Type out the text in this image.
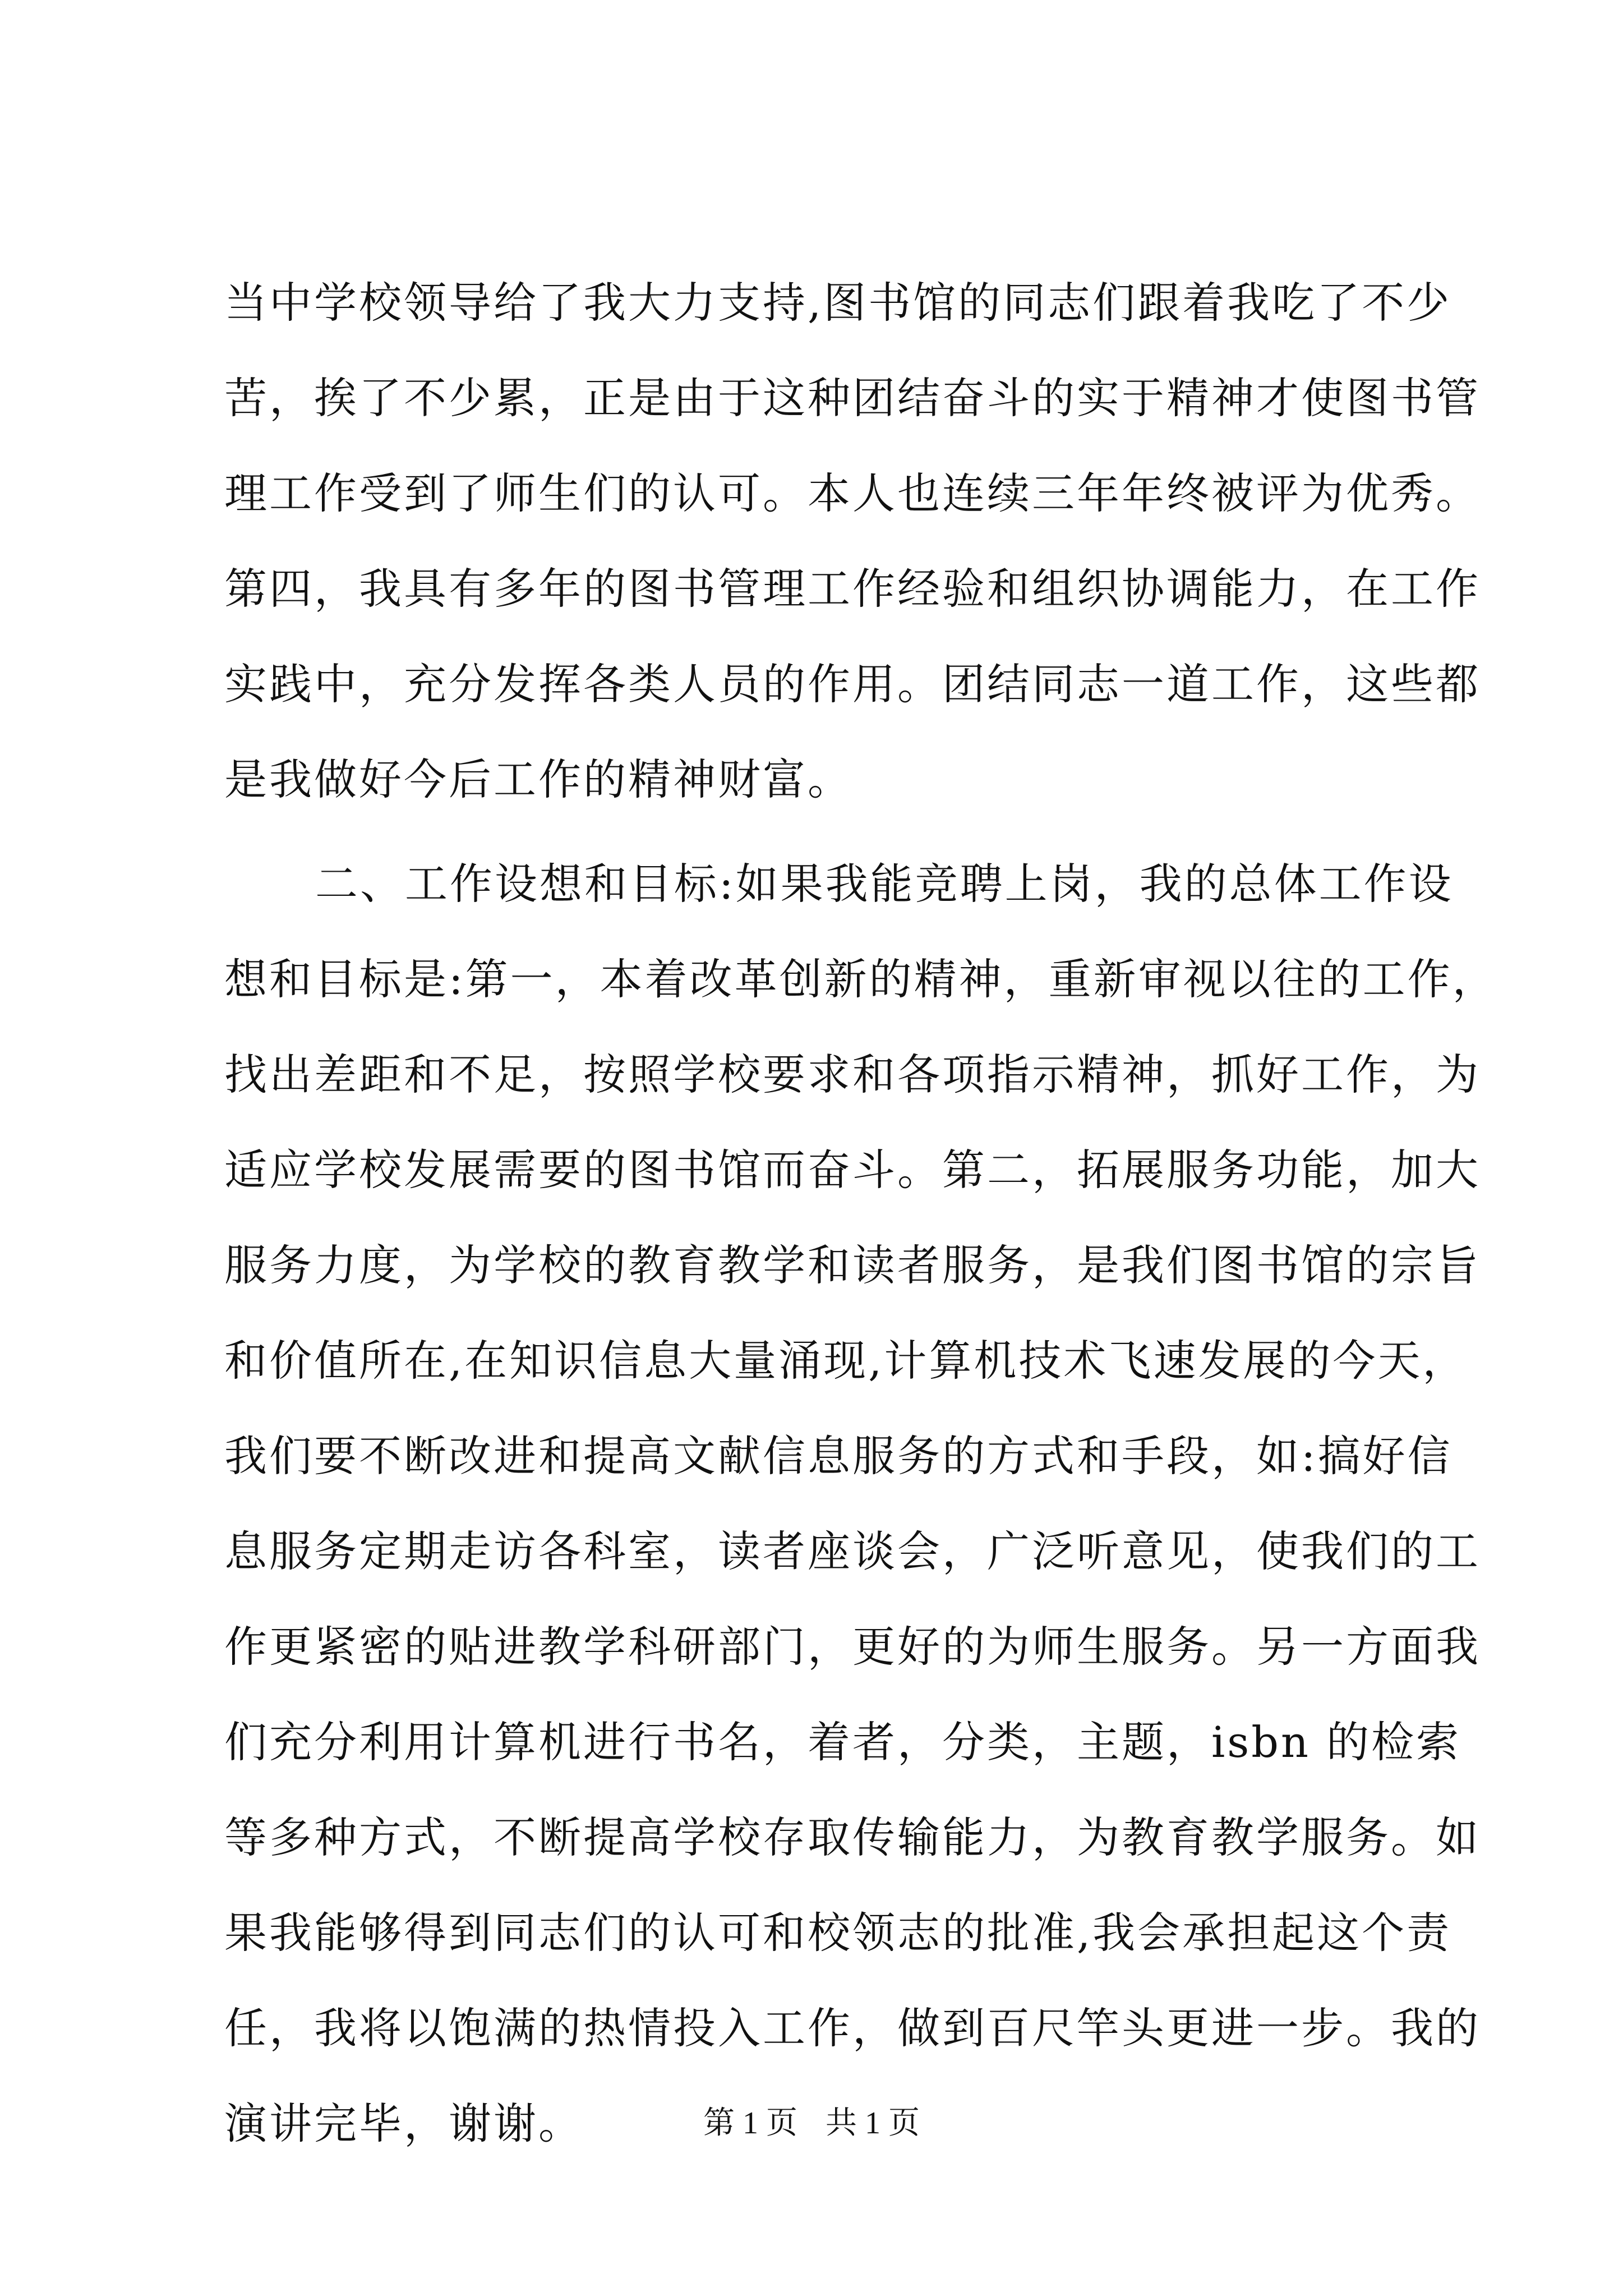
当中学校领导给了我大力支持,图书馆的同志们跟着我吃了不少
苦，挨了不少累，正是由于这种团结奋斗的实于精神才使图书管
理工作受到了师生们的认可。本人也连续三年年终被评为优秀。
第四，我具有多年的图书管理工作经验和组织协调能力，在工作
实践中，充分发挥各类人员的作用。团结同志一道工作，这些都
是我做好今后工作的精神财富。
二、工作设想和目标:如果我能竞聘上岗，我的总体工作设
想和目标是:第一，本着改革创新的精神，重新审视以往的工作，
找出差距和不足，按照学校要求和各项指示精神，抓好工作，为
适应学校发展需要的图书馆而奋斗。第二，拓展服务功能，加大
服务力度，为学校的教育教学和读者服务，是我们图书馆的宗旨
和价值所在,在知识信息大量涌现,计算机技术飞速发展的今天，
我们要不断改进和提高文献信息服务的方式和手段，如:搞好信
息服务定期走访各科室，读者座谈会，广泛听意见，使我们的工
作更紧密的贴进教学科研部门，更好的为师生服务。另一方面我
们充分利用计算机进行书名，着者，分类，主题，isbn 的检索
等多种方式，不断提高学校存取传输能力，为教育教学服务。如
果我能够得到同志们的认可和校领志的批准,我会承担起这个责
任，我将以饱满的热情投入工作，做到百尺竿头更进一步。我的
演讲完毕，谢谢。	第 1 页 共 1 页
